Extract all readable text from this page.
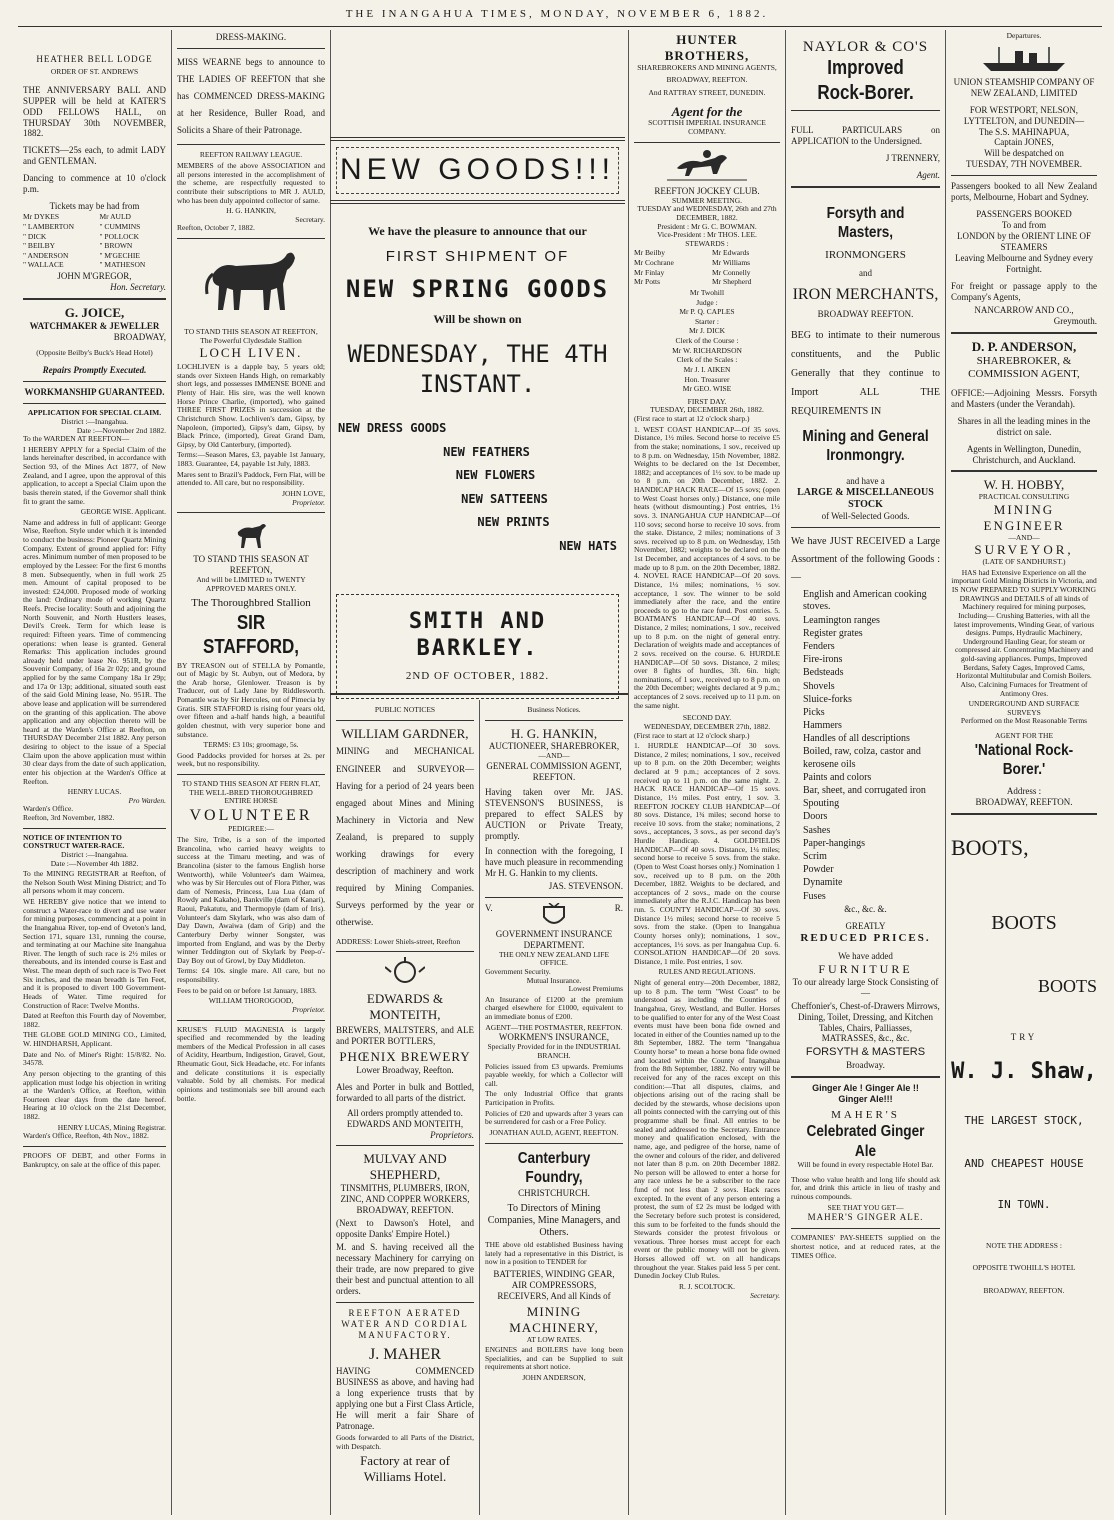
THE INANGAHUA TIMES, MONDAY, NOVEMBER 6, 1882.
HEATHER BELL LODGE
ORDER OF ST. ANDREWS

THE ANNIVERSARY BALL AND SUPPER will be held at KATER'S ODD FELLOWS HALL, on THURSDAY 30th NOVEMBER, 1882.

TICKETS—25s each, to admit LADY and GENTLEMAN.

Dancing to commence at 10 o'clock p.m.

Tickets may be had from
Mr DYKES
" LAMBERTON
" DICK
" BEILBY
" ANDERSON
" WALLACE
Mr AULD
" CUMMINS
" POLLOCK
" BROWN
" M'GECHIE
" MATHESON
JOHN M'GREGOR,
Hon. Secretary.
G. JOICE,
WATCHMAKER & JEWELLER
BROADWAY,
(Opposite Beilby's Buck's Head Hotel)
Repairs Promptly Executed.
WORKMANSHIP GUARANTEED.
APPLICATION FOR SPECIAL CLAIM.
District :—Inangahua.
Date :—November 2nd 1882.
To the WARDEN AT REEFTON—

I HEREBY APPLY for a Special Claim of the lands hereinafter described, in accordance with Section 93, of the Mines Act 1877, of New Zealand, and I agree, upon the approval of this application, to accept a Special Claim upon the basis therein stated, if the Governor shall think fit to grant the same.

GEORGE WISE. Applicant.

Name and address in full of applicant: George Wise, Reefton. Style under which it is intended to conduct the business: Pioneer Quartz Mining Company. Extent of ground applied for: Fifty acres. Minimum number of men proposed to be employed by the Lessee: For the first 6 months 8 men. Subsequently, when in full work 25 men. Amount of capital proposed to be invested: £24,000. Proposed mode of working the land: Ordinary mode of working Quartz Reefs. Precise locality: South and adjoining the North Souvenir, and North Hustlers leases, Devil's Creek. Term for which lease is required: Fifteen years. Time of commencing operations: when lease is granted. General Remarks: This application includes ground already held under lease No. 951R, by the Souvenir Company, of 16a 2r 02p; and ground applied for by the same Company 18a 1r 29p; and 17a 0r 13p; additional, situated south east of the said Gold Mining lease, No. 951R. The above lease and application will be surrendered on the granting of this application. The above application and any objection thereto will be heard at the Warden's Office at Reefton, on THURSDAY December 21st 1882. Any person desiring to object to the issue of a Special Claim upon the above application must within 30 clear days from the date of such application, enter his objection at the Warden's Office at Reefton.

HENRY LUCAS.
Pro Warden.
Warden's Office.
Reefton, 3rd November, 1882.
NOTICE OF INTENTION TO CONSTRUCT WATER-RACE.
District :—Inangahua.
Date :—November 4th 1882.

To the MINING REGISTRAR at Reefton, of the Nelson South West Mining District; and To all persons whom it may concern.

WE HEREBY give notice that we intend to construct a Water-race to divert and use water for mining purposes, commencing at a point in the Inangahua River, top-end of Oveton's land, Section 171, square 131, running the course, and terminating at our Machine site Inangahua River. The length of such race is 2½ miles or thereabouts, and its intended course is East and West. The mean depth of such race is Two Feet Six inches, and the mean breadth is Ten Feet, and it is proposed to divert 100 Government-Heads of Water. Time required for Construction of Race: Twelve Months.

Dated at Reefton this Fourth day of November, 1882.

THE GLOBE GOLD MINING CO., Limited, W. HINDHARSH, Applicant.

Date and No. of Miner's Right: 15/8/82. No. 34578.

Any person objecting to the granting of this application must lodge his objection in writing at the Warden's Office, at Reefton, within Fourteen clear days from the date hereof. Hearing at 10 o'clock on the 21st December, 1882.

HENRY LUCAS, Mining Registrar.
Warden's Office, Reefton, 4th Nov., 1882.

PROOFS OF DEBT, and other Forms in Bankruptcy, on sale at the office of this paper.

DRESS-MAKING.

MISS WEARNE begs to announce to THE LADIES OF REEFTON that she has COMMENCED DRESS-MAKING at her Residence, Buller Road, and Solicits a Share of their Patronage.

REEFTON RAILWAY LEAGUE.

MEMBERS of the above ASSOCIATION and all persons interested in the accomplishment of the scheme, are respectfully requested to contribute their subscriptions to MR J. AULD, who has been duly appointed collector of same.

H. G. HANKIN,
Secretary.
Reefton, October 7, 1882.
TO STAND THIS SEASON AT REEFTON,
The Powerful Clydesdale Stallion
LOCH LIVEN.

LOCHLIVEN is a dapple bay, 5 years old; stands over Sixteen Hands High, on remarkably short legs, and possesses IMMENSE BONE and Plenty of Hair. His sire, was the well known Horse Prince Charlie, (imported), who gained THREE FIRST PRIZES in succession at the Christchurch Show. Lochliven's dam, Gipsy, by Napoleon, (imported), Gipsy's dam, Gipsy, by Black Prince, (imported), Great Grand Dam, Gipsy, by Old Canterbury, (imported).

Terms:—Season Mares, £3, payable 1st January, 1883. Guarantee, £4, payable 1st July, 1883.

Mares sent to Brazil's Paddock, Fern Flat, will be attended to. All care, but no responsibility.

JOHN LOVE,
Proprietor.
TO STAND THIS SEASON AT REEFTON,
And will be LIMITED to TWENTY APPROVED MARES ONLY.
The Thoroughbred Stallion
SIR STAFFORD,

BY TREASON out of STELLA by Pomantle, out of Magic by St. Aubyn, out of Medora, by the Arab horse, Glenlower. Treason is by Traducer, out of Lady Jane by Riddlesworth. Pomantle was by Sir Hercules, out of Pimecia by Gratis. SIR STAFFORD is rising four years old, over fifteen and a-half hands high, a beautiful golden chestnut, with very superior bone and substance.

TERMS: £3 10s; groomage, 5s.

Good Paddocks provided for horses at 2s. per week, but no responsibility.

TO STAND THIS SEASON AT FERN FLAT,
THE WELL-BRED THOROUGHBRED ENTIRE HORSE
VOLUNTEER
PEDIGREE:—

The Sire, Tribe, is a son of the imported Brancolina, who carried heavy weights to success at the Timaru meeting, and was of Brancolina (sister to the famous English horse Wentworth), while Volunteer's dam Waimea, who was by Sir Hercules out of Flora Pither, was dam of Nemesis, Princess, Lua Lua (dam of Rowdy and Kakaho), Bankville (dam of Kanari), Raoui, Pakatutu, and Thermopyle (dam of Iris). Volunteer's dam Skylark, who was also dam of Day Dawn, Awaiwa (dam of Grip) and the Canterbury Derby winner Songster, was imported from England, and was by the Derby winner Teddington out of Skylark by Peep-o'-Day Boy out of Growl, by Day Middleton.

Terms: £4 10s. single mare. All care, but no responsibility.

Fees to be paid on or before 1st January, 1883.

WILLIAM THOROGOOD,
Proprietor.

KRUSE'S FLUID MAGNESIA is largely specified and recommended by the leading members of the Medical Profession in all cases of Acidity, Heartburn, Indigestion, Gravel, Gout, Rheumatic Gout, Sick Headache, etc. For infants and delicate constitutions it is especially valuable. Sold by all chemists. For medical opinions and testimonials see bill around each bottle.

NEW GOODS!!!
We have the pleasure to announce that our
FIRST SHIPMENT OF
NEW SPRING GOODS
Will be shown on
WEDNESDAY, THE 4TH INSTANT.
NEW DRESS GOODS
NEW FEATHERS
NEW FLOWERS
NEW SATTEENS
NEW PRINTS
NEW HATS
SMITH AND BARKLEY.
2ND OF OCTOBER, 1882.
PUBLIC NOTICES
WILLIAM GARDNER,

MINING and MECHANICAL ENGINEER and SURVEYOR—Having for a period of 24 years been engaged about Mines and Mining Machinery in Victoria and New Zealand, is prepared to supply working drawings for every description of machinery and work required by Mining Companies. Surveys performed by the year or otherwise.

ADDRESS: Lower Shiels-street, Reefton
EDWARDS & MONTEITH,

BREWERS, MALTSTERS, and ALE and PORTER BOTTLERS,

PHŒNIX BREWERY
Lower Broadway, Reefton.

Ales and Porter in bulk and Bottled, forwarded to all parts of the district.

All orders promptly attended to.
EDWARDS AND MONTEITH,
Proprietors.
MULVAY AND SHEPHERD,
TINSMITHS, PLUMBERS, IRON, ZINC, AND COPPER WORKERS,
BROADWAY, REEFTON.

(Next to Dawson's Hotel, and opposite Danks' Empire Hotel.)

M. and S. having received all the necessary Machinery for carrying on their trade, are now prepared to give their best and punctual attention to all orders.

REEFTON AERATED WATER AND CORDIAL MANUFACTORY.
J. MAHER

HAVING COMMENCED BUSINESS as above, and having had a long experience trusts that by applying one but a First Class Article, He will merit a fair Share of Patronage.

Goods forwarded to all Parts of the District, with Despatch.

Factory at rear of Williams Hotel.
Business Notices.
H. G. HANKIN,
AUCTIONEER, SHAREBROKER,
—AND—
GENERAL COMMISSION AGENT, REEFTON.

Having taken over Mr. JAS. STEVENSON'S BUSINESS, is prepared to effect SALES by AUCTION or Private Treaty, promptly.

In connection with the foregoing, I have much pleasure in recommending Mr H. G. Hankin to my clients.

JAS. STEVENSON.
V.	R.
GOVERNMENT INSURANCE DEPARTMENT.
THE ONLY NEW ZEALAND LIFE OFFICE.
Government Security.
Mutual Insurance.
Lowest Premiums

An Insurance of £1200 at the premium charged elsewhere for £1000, equivalent to an immediate bonus of £200.

AGENT—THE POSTMASTER, REEFTON.
WORKMEN'S INSURANCE,
Specially Provided for in the INDUSTRIAL BRANCH.

Policies issued from £3 upwards. Premiums payable weekly, for which a Collector will call.

The only Industrial Office that grants Participation in Profits.

Policies of £20 and upwards after 3 years can be surrendered for cash or a Free Policy.

JONATHAN AULD, AGENT, REEFTON.
Canterbury Foundry,
CHRISTCHURCH.
To Directors of Mining Companies, Mine Managers, and Others.

THE above old established Business having lately had a representative in this District, is now in a position to TENDER for

BATTERIES, WINDING GEAR, AIR COMPRESSORS, RECEIVERS, And all Kinds of

MINING MACHINERY,
AT LOW RATES.

ENGINES and BOILERS have long been Specialities, and can be Supplied to suit requirements at short notice.

JOHN ANDERSON,
HUNTER BROTHERS,
SHAREBROKERS AND MINING AGENTS,
BROADWAY, REEFTON.
And RATTRAY STREET, DUNEDIN.
Agent for the
SCOTTISH IMPERIAL INSURANCE COMPANY.
REEFTON JOCKEY CLUB.
SUMMER MEETING.
TUESDAY and WEDNESDAY, 26th and 27th DECEMBER, 1882.
President : Mr G. C. BOWMAN.
Vice-President : Mr THOS. LEE.
STEWARDS :
Mr Beilby
Mr Cochrane
Mr Finlay
Mr Potts
Mr Edwards
Mr Williams
Mr Connelly
Mr Shepherd
Mr Twohill
Judge :
Mr P. Q. CAPLES
Starter :
Mr J. DICK
Clerk of the Course :
Mr W. RICHARDSON
Clerk of the Scales :
Mr J. I. AIKEN
Hon. Treasurer
Mr GEO. WISE
FIRST DAY.
TUESDAY, DECEMBER 26th, 1882.
(First race to start at 12 o'clock sharp.)

1. WEST COAST HANDICAP—Of 35 sovs. Distance, 1½ miles. Second horse to receive £5 from the stake; nominations, 1 sov., received up to 8 p.m. on Wednesday, 15th November, 1882. Weights to be declared on the 1st December, 1882; and acceptances of 1½ sov. to be made up to 8 p.m. on 20th December, 1882. 2. HANDICAP HACK RACE—Of 15 sovs; (open to West Coast horses only.) Distance, one mile heats (without dismounting.) Post entries, 1½ sovs. 3. INANGAHUA CUP HANDICAP—Of 110 sovs; second horse to receive 10 sovs. from the stake. Distance, 2 miles; nominations of 3 sovs. received up to 8 p.m. on Wednesday, 15th November, 1882; weights to be declared on the 1st December, and acceptances of 4 sovs. to be made up to 8 p.m. on the 20th December, 1882. 4. NOVEL RACE HANDICAP—Of 20 sovs. Distance, 1¼ miles; nominations, ½ sov. acceptance, 1 sov. The winner to be sold immediately after the race, and the entire proceeds to go to the race fund. Post entries. 5. BOATMAN'S HANDICAP—Of 40 sovs. Distance, 2 miles; nominations, 1 sov., received up to 8 p.m. on the night of general entry. Declaration of weights made and acceptances of 2 sovs. received on the course. 6. HURDLE HANDICAP—Of 50 sovs. Distance, 2 miles; over 8 fights of hurdles, 3ft. 6in. high; nominations, of 1 sov., received up to 8 p.m. on the 20th December; weights declared at 9 p.m.; acceptances of 2 sovs. received up to 11 p.m. on the same night.

SECOND DAY.
WEDNESDAY, DECEMBER 27th, 1882.
(First race to start at 12 o'clock sharp.)

1. HURDLE HANDICAP—Of 30 sovs. Distance, 2 miles; nominations, 1 sov., received up to 8 p.m. on the 20th December; weights declared at 9 p.m.; acceptances of 2 sovs. received up to 11 p.m. on the same night. 2. HACK RACE HANDICAP—Of 15 sovs. Distance, 1½ miles. Post entry, 1 sov. 3. REEFTON JOCKEY CLUB HANDICAP—Of 80 sovs. Distance, 1¾ miles; second horse to receive 10 sovs. from the stake; nominations, 2 sovs., acceptances, 3 sovs., as per second day's Hurdle Handicap. 4. GOLDFIELDS HANDICAP—Of 40 sovs. Distance, 1¼ miles; second horse to receive 5 sovs. from the stake. (Open to West Coast horses only.) Nomination 1 sov., received up to 8 p.m. on the 20th December, 1882. Weights to be declared, and acceptances of 2 sovs., made on the course immediately after the R.J.C. Handicap has been run. 5. COUNTY HANDICAP—Of 30 sovs. Distance 1½ miles; second horse to receive 5 sovs. from the stake. (Open to Inangahua County horses only); nominations, 1 sov., acceptances, 1½ sovs. as per Inangahua Cup. 6. CONSOLATION HANDICAP—Of 20 sovs. Distance, 1 mile. Post entries, 1 sov.

RULES AND REGULATIONS.

Night of general entry—20th December, 1882, up to 8 p.m. The term "West Coast" to be understood as including the Counties of Inangahua, Grey, Westland, and Buller. Horses to be qualified to enter for any of the West Coast events must have been bona fide owned and located in either of the Counties named up to the 8th September, 1882. The term "Inangahua County horse" to mean a horse bona fide owned and located within the County of Inangahua from the 8th September, 1882. No entry will be received for any of the races except on this condition:—That all disputes, claims, and objections arising out of the racing shall be decided by the stewards, whose decisions upon all points connected with the carrying out of this programme shall be final. All entries to be sealed and addressed to the Secretary. Entrance money and qualification enclosed, with the name, age, and pedigree of the horse, name of the owner and colours of the rider, and delivered not later than 8 p.m. on 20th December 1882. No person will be allowed to enter a horse for any race unless he be a subscriber to the race fund of not less than 2 sovs. Hack races excepted. In the event of any person entering a protest, the sum of £2 2s must be lodged with the Secretary before such protest is considered, this sum to be forfeited to the funds should the Stewards consider the protest frivolous or vexatious. Three horses must accept for each event or the public money will not be given. Horses allowed off wt. on all handicaps throughout the year. Stakes paid less 5 per cent. Dunedin Jockey Club Rules.

R. J. SCOLTOCK.
Secretary.
NAYLOR & CO'S
Improved Rock-Borer.

FULL PARTICULARS on APPLICATION to the Undersigned.

J TRENNERY,
Agent.
Forsyth and Masters,
IRONMONGERS
and
IRON MERCHANTS,
BROADWAY REEFTON.

BEG to intimate to their numerous constituents, and the Public Generally that they continue to Import ALL THE REQUIREMENTS IN

Mining and General Ironmongry.
and have a
LARGE & MISCELLANEOUS STOCK
of Well-Selected Goods.

We have JUST RECEIVED a Large Assortment of the following Goods :—

English and American cooking stoves.
Leamington ranges
Register grates
Fenders
Fire-irons
Bedsteads
Shovels
Sluice-forks
Picks
Hammers
Handles of all descriptions
Boiled, raw, colza, castor and kerosene oils
Paints and colors
Bar, sheet, and corrugated iron
Spouting
Doors
Sashes
Paper-hangings
Scrim
Powder
Dynamite
Fuses
&c., &c. &.
GREATLY
REDUCED PRICES.
We have added
FURNITURE
To our already large Stock Consisting of—

Cheffonier's, Chest-of-Drawers Mirrows, Dining, Toilet, Dressing, and Kitchen Tables, Chairs, Palliasses, MATRASSES, &c., &c.

FORSYTH & MASTERS
Broadway.
Ginger Ale ! Ginger Ale !!
Ginger Ale!!!
MAHER'S
Celebrated Ginger Ale
Will be found in every respectable Hotel Bar.

Those who value health and long life should ask for, and drink this article in lieu of trashy and ruinous compounds.

SEE THAT YOU GET—
MAHER'S GINGER ALE.

COMPANIES' PAY-SHEETS supplied on the shortest notice, and at reduced rates, at the TIMES Office.

Departures.
UNION STEAMSHIP COMPANY OF NEW ZEALAND, LIMITED
FOR WESTPORT, NELSON, LYTTELTON, and DUNEDIN—
The S.S. MAHINAPUA,
Captain JONES,
Will be despatched on
TUESDAY, 7TH NOVEMBER.

Passengers booked to all New Zealand ports, Melbourne, Hobart and Sydney.

PASSENGERS BOOKED
To and from
LONDON by the ORIENT LINE OF STEAMERS
Leaving Melbourne and Sydney every Fortnight.

For freight or passage apply to the Company's Agents,

NANCARROW AND CO.,
Greymouth.
D. P. ANDERSON,
SHAREBROKER, & COMMISSION AGENT,

OFFICE:—Adjoining Messrs. Forsyth and Masters (under the Verandah).

Shares in all the leading mines in the district on sale.

Agents in Wellington, Dunedin, Christchurch, and Auckland.

W. H. HOBBY,
PRACTICAL CONSULTING
MINING ENGINEER
—AND—
SURVEYOR,
(LATE OF SANDHURST.)

HAS had Extensive Experience on all the important Gold Mining Districts in Victoria, and IS NOW PREPARED TO SUPPLY WORKING DRAWINGS and DETAILS of all kinds of Machinery required for mining purposes, Including— Crushing Batteries, with all the latest improvements, Winding Gear, of various designs. Pumps, Hydraulic Machinery, Underground Hauling Gear, for steam or compressed air. Concentrating Machinery and gold-saving appliances. Pumps, Improved Berdans, Safety Cages, Improved Cams, Horizontal Multitubular and Cornish Boilers. Also, Calcining Furnaces for Treatment of Antimony Ores.

UNDERGROUND AND SURFACE SURVEYS
Performed on the Most Reasonable Terms
AGENT FOR THE
'National Rock-Borer.'
Address :
BROADWAY, REEFTON.
BOOTS,
BOOTS
BOOTS
TRY
W. J. Shaw,
THE LARGEST STOCK,
AND CHEAPEST HOUSE
IN TOWN.
NOTE THE ADDRESS :
OPPOSITE TWOHILL'S HOTEL
BROADWAY, REEFTON.
